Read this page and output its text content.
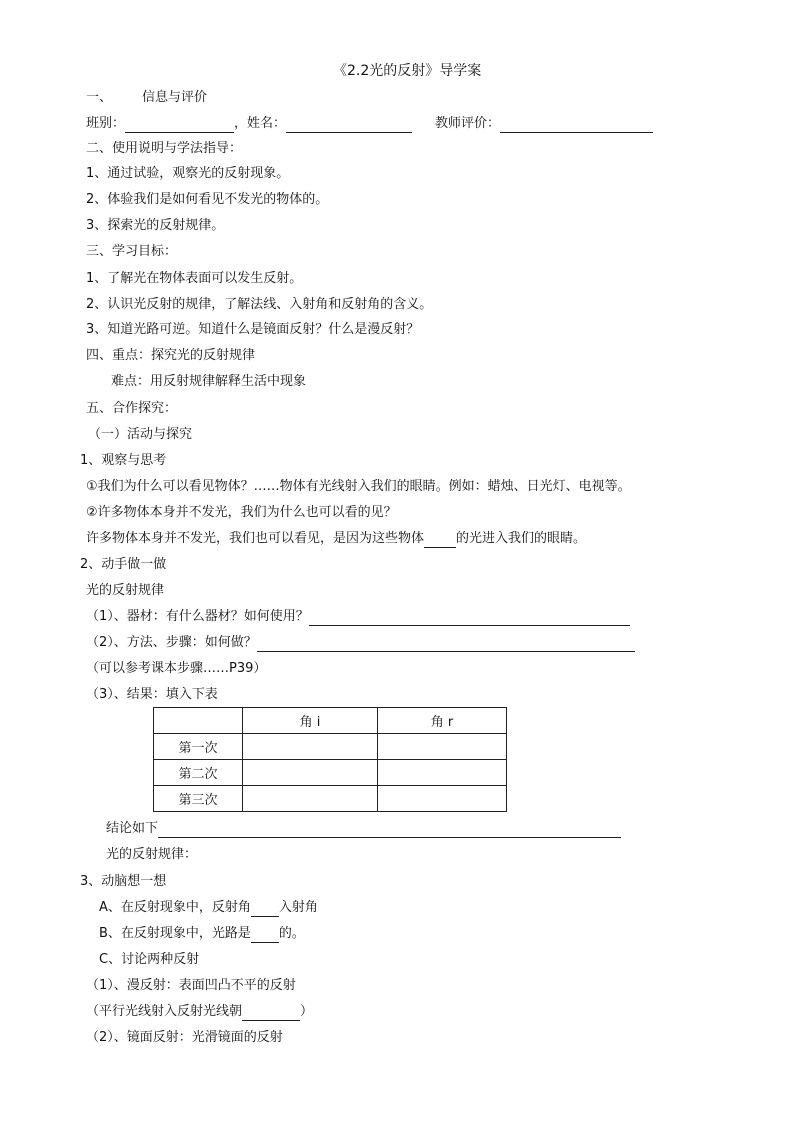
《2.2光的反射》导学案
一、 信息与评价
班别：	，姓名：	教师评价：
二、使用说明与学法指导：
1、通过试验，观察光的反射现象。
2、体验我们是如何看见不发光的物体的。
3、探索光的反射规律。
三、学习目标：
1、了解光在物体表面可以发生反射。
2、认识光反射的规律，了解法线、入射角和反射角的含义。
3、知道光路可逆。知道什么是镜面反射？什么是漫反射？
四、重点：探究光的反射规律
难点：用反射规律解释生活中现象
五、合作探究：
（一）活动与探究
1、观察与思考
①我们为什么可以看见物体？……物体有光线射入我们的眼睛。例如：蜡烛、日光灯、电视等。
②许多物体本身并不发光，我们为什么也可以看的见？
许多物体本身并不发光，我们也可以看见，是因为这些物体 的光进入我们的眼睛。
2、动手做一做
光的反射规律
（1）、器材：有什么器材？如何使用？
（2）、方法、步骤：如何做？
（可以参考课本步骤……P39）
（3）、结果：填入下表
	角 i	角 r
第一次		
第二次		
第三次		
结论如下
光的反射规律：
3、动脑想一想
A、在反射现象中，反射角 入射角
B、在反射现象中，光路是 的。
C、讨论两种反射
（1）、漫反射：表面凹凸不平的反射
（平行光线射入反射光线朝	）
（2）、镜面反射：光滑镜面的反射
